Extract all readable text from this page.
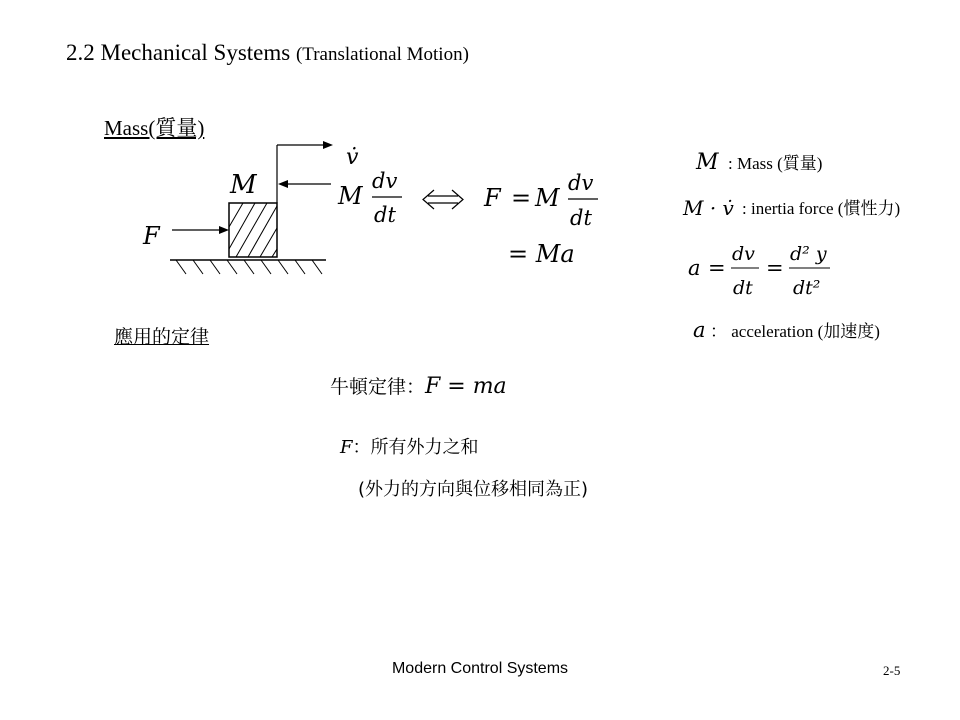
2.2 Mechanical Systems (Translational Motion)
Mass(質量)
M
F
v̇
M
dv
dt
F = M
dv
dt
= Ma
M : Mass (質量)
M · v̇ : inertia force (慣性力)
a =
dv
dt
=
d² y
dt²
a ： acceleration (加速度)
應用的定律
牛頓定律：F = ma
F：所有外力之和
(外力的方向與位移相同為正)
Modern Control Systems	2-5
